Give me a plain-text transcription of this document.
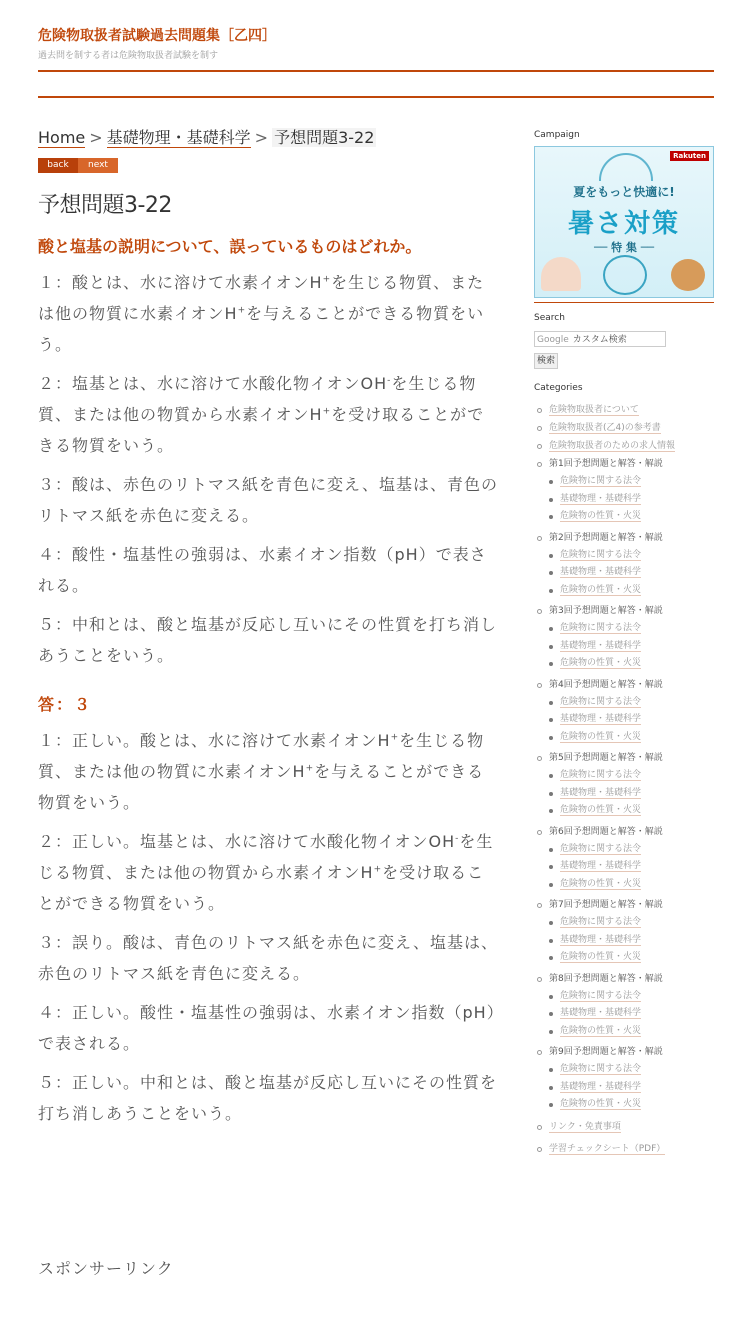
危険物取扱者試験過去問題集［乙四］
過去問を制する者は危険物取扱者試験を制す
Home > 基礎物理・基礎科学 > 予想問題3-22
back	next
予想問題3-22
酸と塩基の説明について、誤っているものはどれか。
１：酸とは、水に溶けて水素イオンH+を生じる物質、または他の物質に水素イオンH+を与えることができる物質をいう。
２：塩基とは、水に溶けて水酸化物イオンOH-を生じる物質、または他の物質から水素イオンH+を受け取ることができる物質をいう。
３：酸は、赤色のリトマス紙を青色に変え、塩基は、青色のリトマス紙を赤色に変える。
４：酸性・塩基性の強弱は、水素イオン指数（pH）で表される。
５：中和とは、酸と塩基が反応し互いにその性質を打ち消しあうことをいう。
答：３
１：正しい。酸とは、水に溶けて水素イオンH+を生じる物質、または他の物質に水素イオンH+を与えることができる物質をいう。
２：正しい。塩基とは、水に溶けて水酸化物イオンOH-を生じる物質、または他の物質から水素イオンH+を受け取ることができる物質をいう。
３：誤り。酸は、青色のリトマス紙を赤色に変え、塩基は、赤色のリトマス紙を青色に変える。
４：正しい。酸性・塩基性の強弱は、水素イオン指数（pH）で表される。
５：正しい。中和とは、酸と塩基が反応し互いにその性質を打ち消しあうことをいう。
スポンサーリンク
Campaign
Rakuten
夏をもっと快適に!
暑さ対策
── 特 集 ──
Search
Google カスタム検索
検索
Categories
危険物取扱者について
危険物取扱者(乙4)の参考書
危険物取扱者のための求人情報
第1回予想問題と解答・解説
危険物に関する法令
基礎物理・基礎科学
危険物の性質・火災
第2回予想問題と解答・解説
危険物に関する法令
基礎物理・基礎科学
危険物の性質・火災
第3回予想問題と解答・解説
危険物に関する法令
基礎物理・基礎科学
危険物の性質・火災
第4回予想問題と解答・解説
危険物に関する法令
基礎物理・基礎科学
危険物の性質・火災
第5回予想問題と解答・解説
危険物に関する法令
基礎物理・基礎科学
危険物の性質・火災
第6回予想問題と解答・解説
危険物に関する法令
基礎物理・基礎科学
危険物の性質・火災
第7回予想問題と解答・解説
危険物に関する法令
基礎物理・基礎科学
危険物の性質・火災
第8回予想問題と解答・解説
危険物に関する法令
基礎物理・基礎科学
危険物の性質・火災
第9回予想問題と解答・解説
危険物に関する法令
基礎物理・基礎科学
危険物の性質・火災
リンク・免責事項
学習チェックシート（PDF）
